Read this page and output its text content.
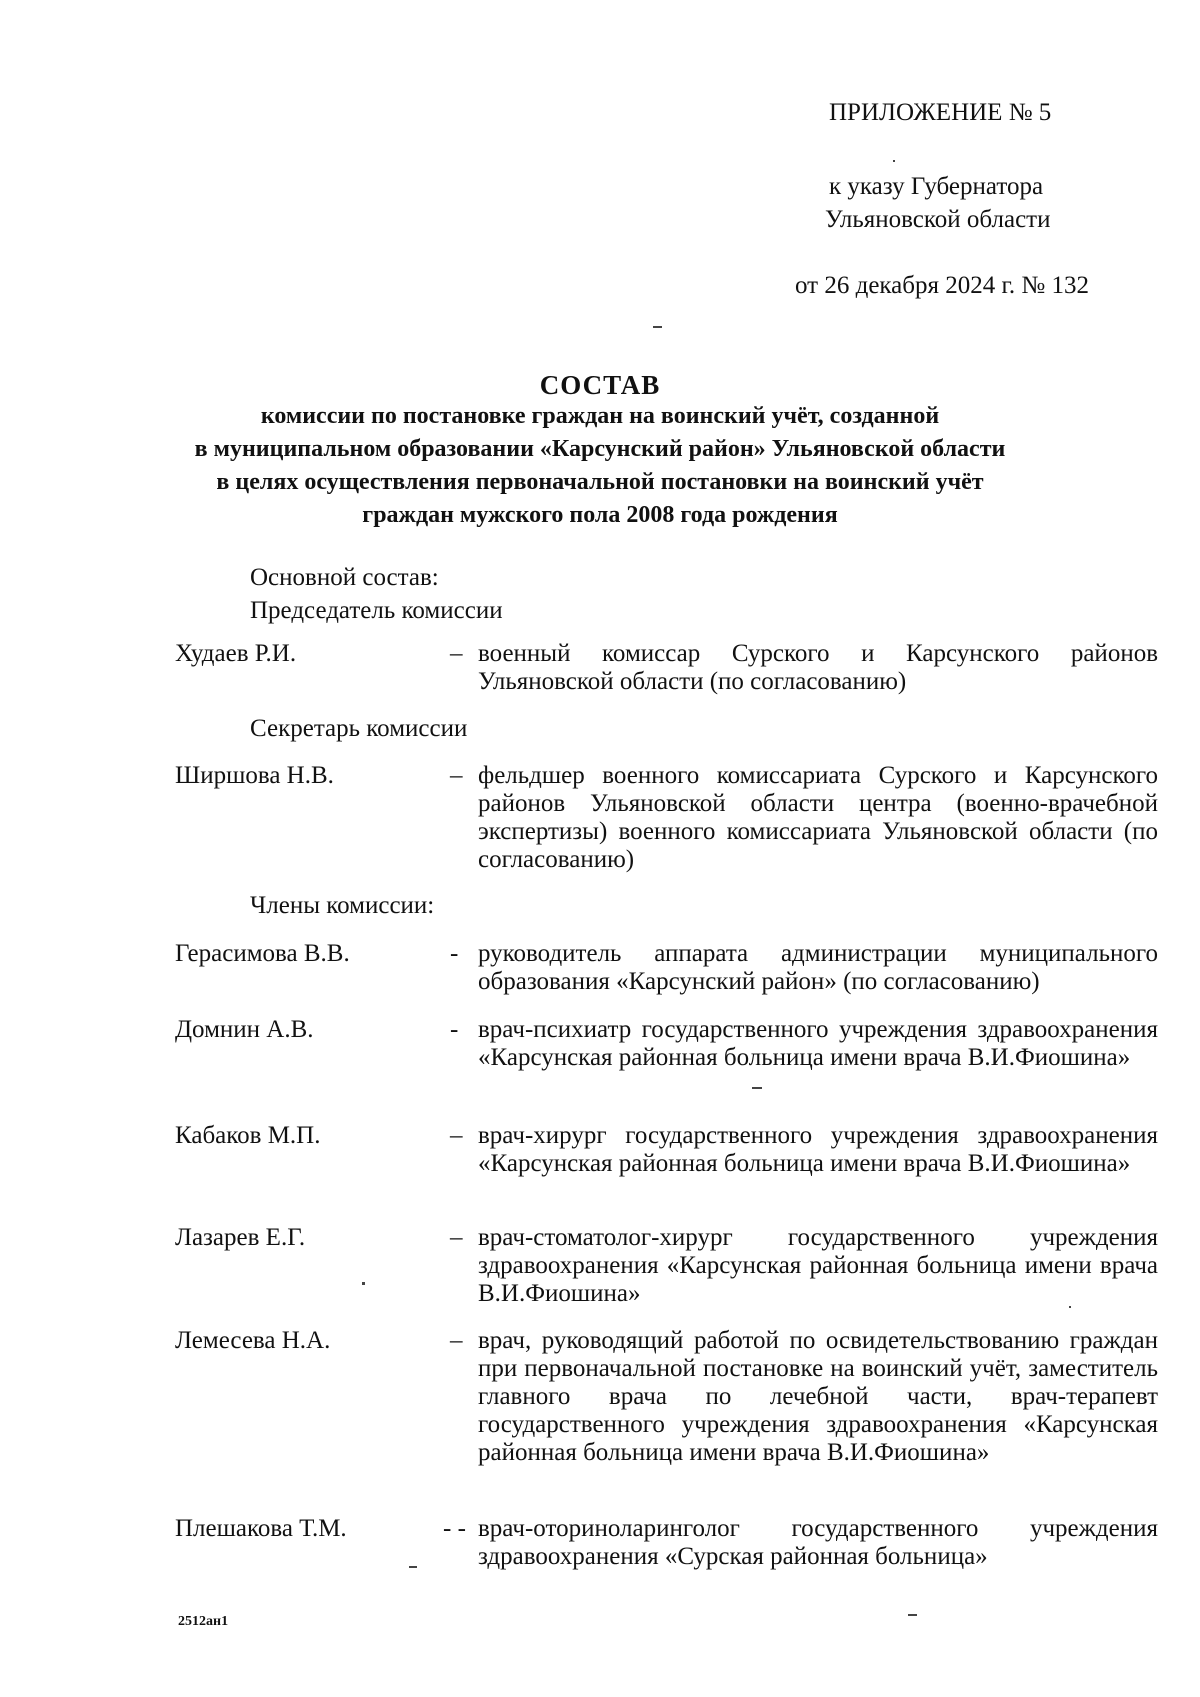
ПРИЛОЖЕНИЕ № 5
к указу Губернатора
Ульяновской области
от 26 декабря 2024 г. № 132
СОСТАВ
комиссии по постановке граждан на воинский учёт, созданной
в муниципальном образовании «Карсунский район» Ульяновской области
в целях осуществления первоначальной постановки на воинский учёт
граждан мужского пола 2008 года рождения
Основной состав:
Председатель комиссии
Худаев Р.И.	– военный комиссар Сурского и Карсунского районов Ульяновской области (по согласованию)
Секретарь комиссии
Ширшова Н.В.	– фельдшер военного комиссариата Сурского и Карсунского районов Ульяновской области центра (военно-врачебной экспертизы) военного комиссариата Ульяновской области (по согласованию)
Члены комиссии:
Герасимова В.В.	- руководитель аппарата администрации муниципального образования «Карсунский район» (по согласованию)
Домнин А.В.	- врач-психиатр государственного учреждения здравоохранения «Карсунская районная больница имени врача В.И.Фиошина»
Кабаков М.П.	– врач-хирург государственного учреждения здравоохранения «Карсунская районная больница имени врача В.И.Фиошина»
Лазарев Е.Г.	– врач-стоматолог-хирург государственного учреждения здравоохранения «Карсунская районная больница имени врача В.И.Фиошина»
Лемесева Н.А.	– врач, руководящий работой по освидетельствованию граждан при первоначальной постановке на воинский учёт, заместитель главного врача по лечебной части, врач-терапевт государственного учреждения здравоохранения «Карсунская районная больница имени врача В.И.Фиошина»
Плешакова Т.М.	- - врач-оториноларинголог государственного учреждения здравоохранения «Сурская районная больница»
2512ан1
